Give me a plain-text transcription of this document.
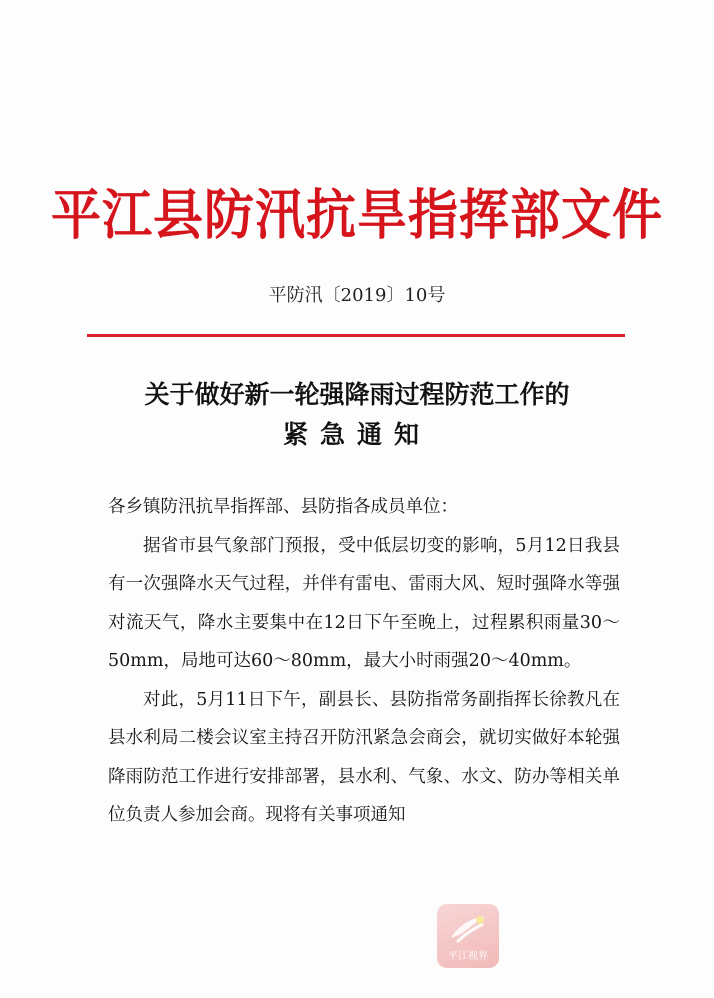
平江县防汛抗旱指挥部文件
平防汛〔2019〕10号
关于做好新一轮强降雨过程防范工作的
紧急通知

各乡镇防汛抗旱指挥部、县防指各成员单位：

据省市县气象部门预报，受中低层切变的影响，5月12日我县有一次强降水天气过程，并伴有雷电、雷雨大风、短时强降水等强对流天气，降水主要集中在12日下午至晚上，过程累积雨量30～50mm，局地可达60～80mm，最大小时雨强20～40mm。

对此，5月11日下午，副县长、县防指常务副指挥长徐教凡在县水利局二楼会议室主持召开防汛紧急会商会，就切实做好本轮强降雨防范工作进行安排部署，县水利、气象、水文、防办等相关单位负责人参加会商。现将有关事项通知

平江视界
